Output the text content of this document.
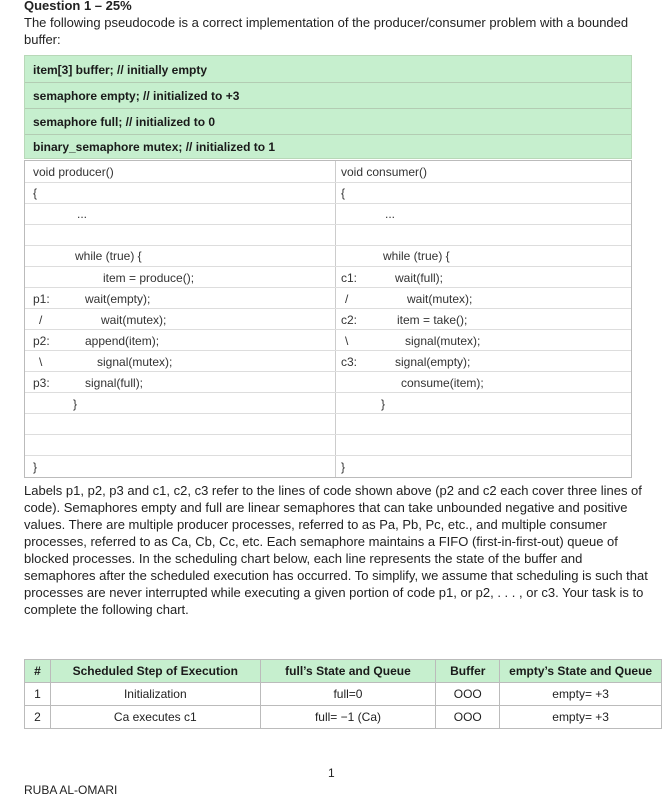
Question 1 – 25%
The following pseudocode is a correct implementation of the producer/consumer problem with a bounded buffer:
item[3] buffer; // initially empty
semaphore empty; // initialized to +3
semaphore full; // initialized to 0
binary_semaphore mutex; // initialized to 1
void producer()
{
...
while (true) {
item = produce();
p1:	wait(empty);
/	wait(mutex);
p2:	append(item);
\	signal(mutex);
p3:	signal(full);
}
}
void consumer()
{
...
while (true) {
c1:	wait(full);
/	wait(mutex);
c2:	item = take();
\	signal(mutex);
c3:	signal(empty);
consume(item);
}
}
Labels p1, p2, p3 and c1, c2, c3 refer to the lines of code shown above (p2 and c2 each cover three lines of code). Semaphores empty and full are linear semaphores that can take unbounded negative and positive values. There are multiple producer processes, referred to as Pa, Pb, Pc, etc., and multiple consumer processes, referred to as Ca, Cb, Cc, etc. Each semaphore maintains a FIFO (first-in-first-out) queue of blocked processes. In the scheduling chart below, each line represents the state of the buffer and semaphores after the scheduled execution has occurred. To simplify, we assume that scheduling is such that processes are never interrupted while executing a given portion of code p1, or p2, . . . , or c3. Your task is to complete the following chart.
#	Scheduled Step of Execution	full’s State and Queue	Buffer	empty’s State and Queue
1	Initialization	full=0	OOO	empty= +3
2	Ca executes c1	full= −1 (Ca)	OOO	empty= +3
1
RUBA AL-OMARI
